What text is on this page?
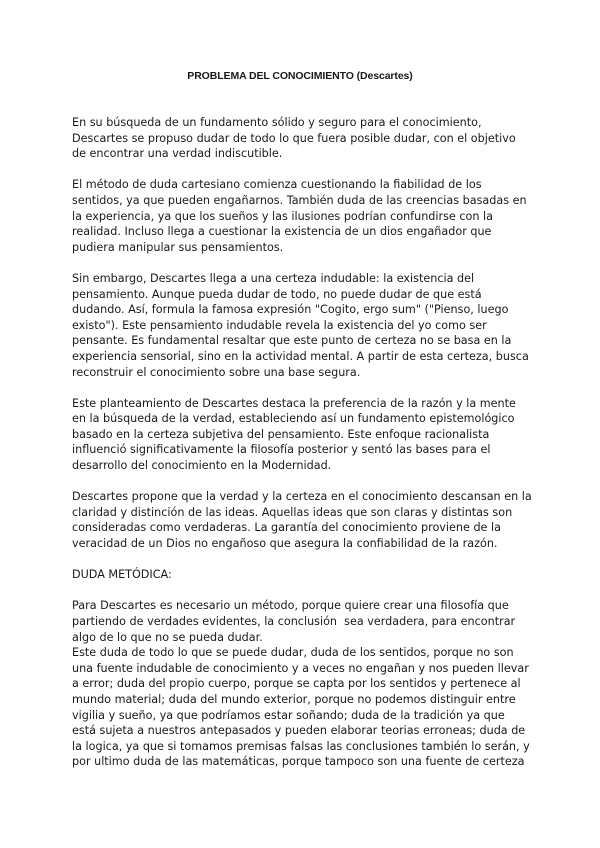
PROBLEMA DEL CONOCIMIENTO (Descartes)

En su búsqueda de un fundamento sólido y seguro para el conocimiento,
Descartes se propuso dudar de todo lo que fuera posible dudar, con el objetivo
de encontrar una verdad indiscutible.

El método de duda cartesiano comienza cuestionando la fiabilidad de los
sentidos, ya que pueden engañarnos. También duda de las creencias basadas en
la experiencia, ya que los sueños y las ilusiones podrían confundirse con la
realidad. Incluso llega a cuestionar la existencia de un dios engañador que
pudiera manipular sus pensamientos.

Sin embargo, Descartes llega a una certeza indudable: la existencia del
pensamiento. Aunque pueda dudar de todo, no puede dudar de que está
dudando. Así, formula la famosa expresión "Cogito, ergo sum" ("Pienso, luego
existo"). Este pensamiento indudable revela la existencia del yo como ser
pensante. Es fundamental resaltar que este punto de certeza no se basa en la
experiencia sensorial, sino en la actividad mental. A partir de esta certeza, busca
reconstruir el conocimiento sobre una base segura.

Este planteamiento de Descartes destaca la preferencia de la razón y la mente
en la búsqueda de la verdad, estableciendo así un fundamento epistemológico
basado en la certeza subjetiva del pensamiento. Este enfoque racionalista
influenció significativamente la filosofía posterior y sentó las bases para el
desarrollo del conocimiento en la Modernidad.

Descartes propone que la verdad y la certeza en el conocimiento descansan en la
claridad y distinción de las ideas. Aquellas ideas que son claras y distintas son
consideradas como verdaderas. La garantía del conocimiento proviene de la
veracidad de un Dios no engañoso que asegura la confiabilidad de la razón.

DUDA METÓDICA:

Para Descartes es necesario un método, porque quiere crear una filosofía que
partiendo de verdades evidentes, la conclusión  sea verdadera, para encontrar
algo de lo que no se pueda dudar.
Este duda de todo lo que se puede dudar, duda de los sentidos, porque no son
una fuente indudable de conocimiento y a veces no engañan y nos pueden llevar
a error; duda del propio cuerpo, porque se capta por los sentidos y pertenece al
mundo material; duda del mundo exterior, porque no podemos distinguir entre
vigilia y sueño, ya que podríamos estar soñando; duda de la tradición ya que
está sujeta a nuestros antepasados y pueden elaborar teorias erroneas; duda de
la logica, ya que si tomamos premisas falsas las conclusiones también lo serán, y
por ultimo duda de las matemáticas, porque tampoco son una fuente de certeza
